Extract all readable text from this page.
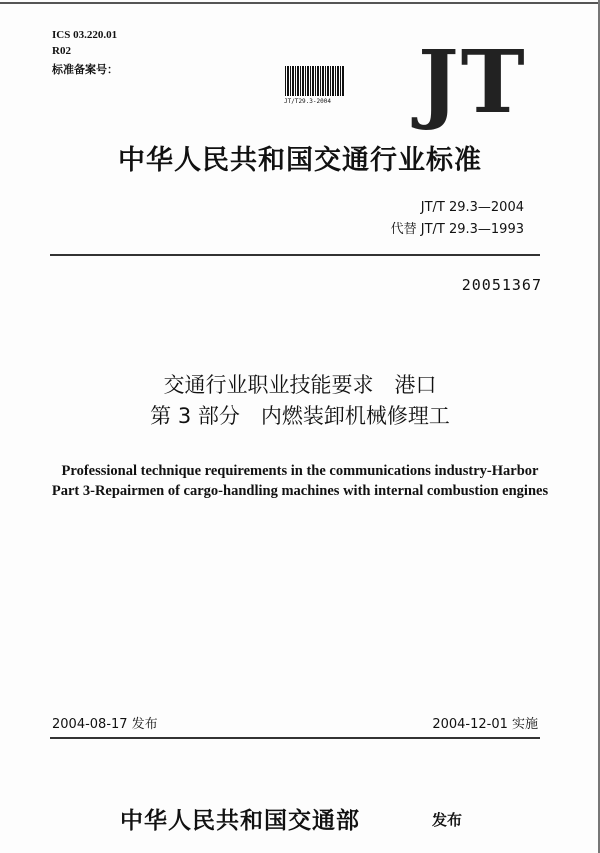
ICS 03.220.01
R02
标准备案号：
JT/T29.3-2004 JT
中华人民共和国交通行业标准
JT/T 29.3—2004
代替 JT/T 29.3—1993
20051367
交通行业职业技能要求　港口
第 3 部分　内燃装卸机械修理工
Professional technique requirements in the communications industry-Harbor
Part 3-Repairmen of cargo-handling machines with internal combustion engines
2004-08-17 发布	2004-12-01 实施
中华人民共和国交通部	发布
